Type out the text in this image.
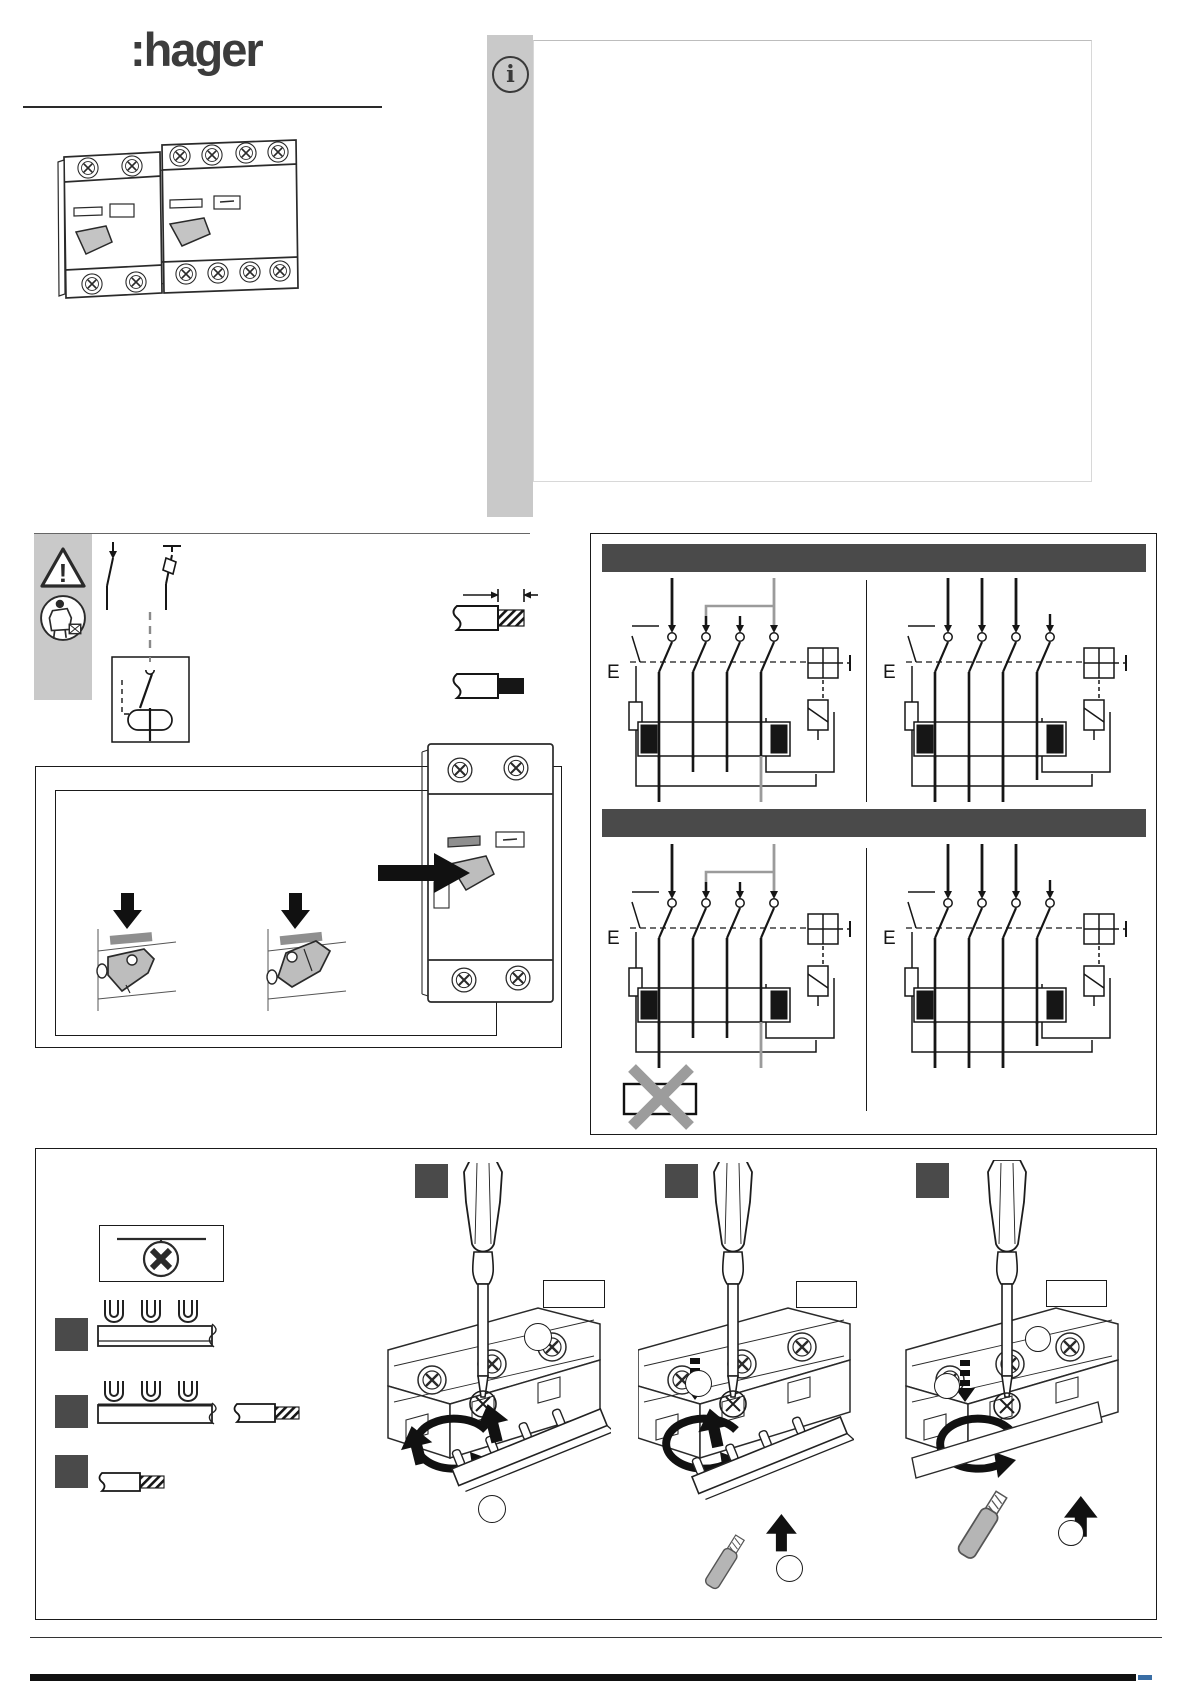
:hager	i
!
E	E
E	E
